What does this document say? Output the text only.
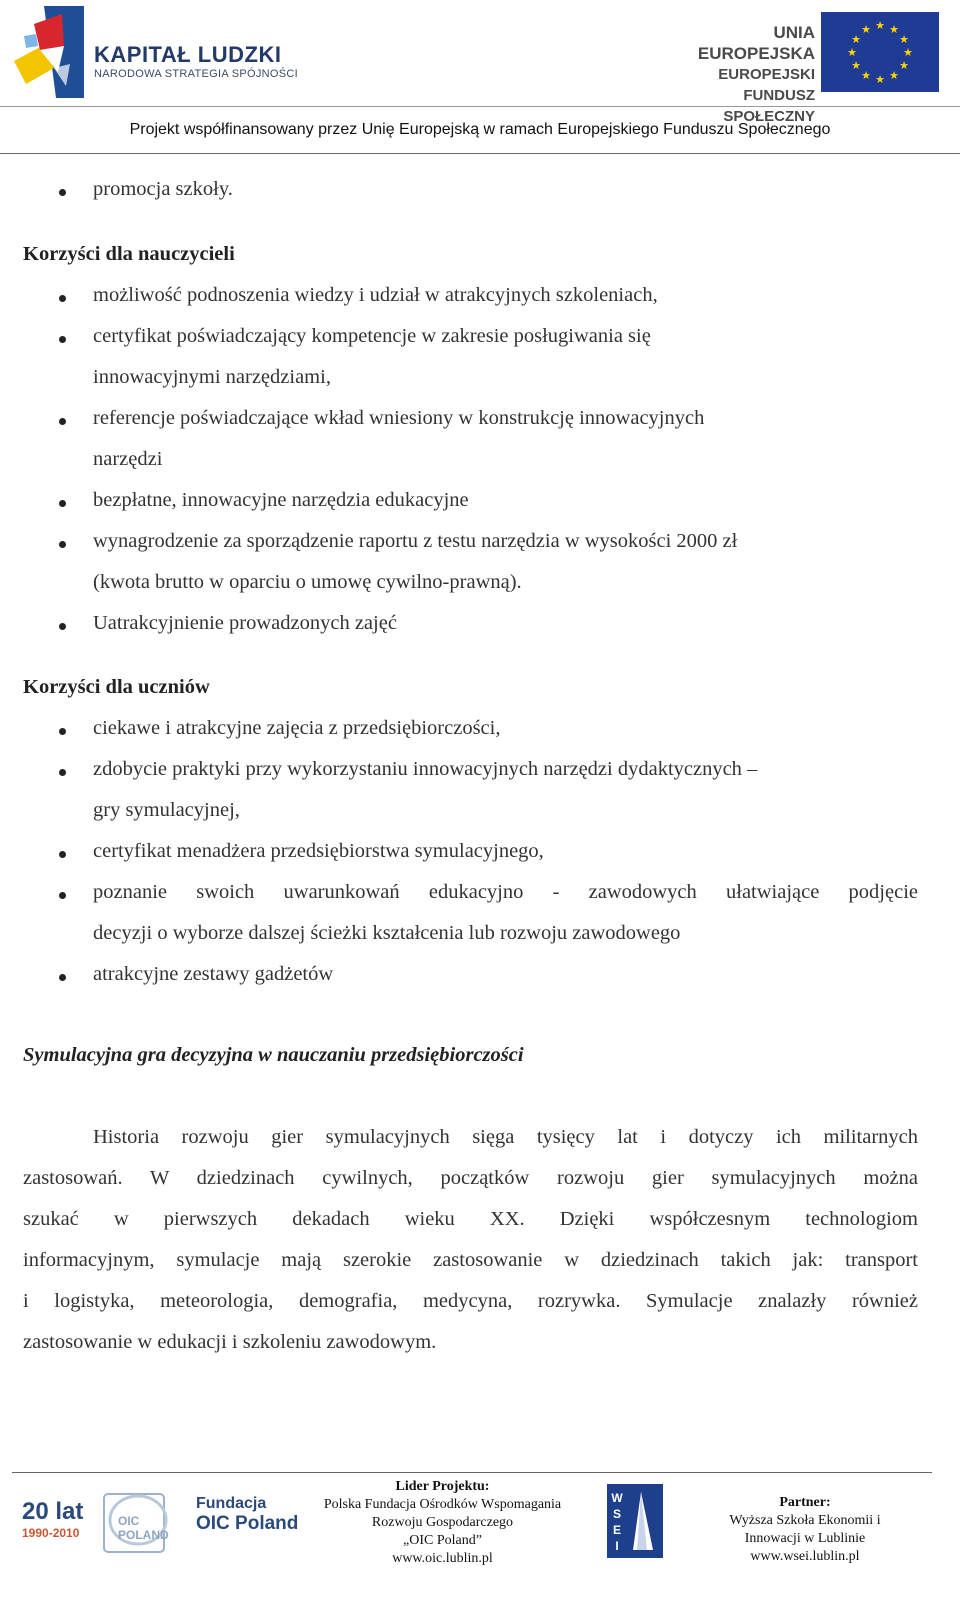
KAPITAŁ LUDZKI
NARODOWA STRATEGIA SPÓJNOŚCI
UNIA EUROPEJSKA
EUROPEJSKI
FUNDUSZ SPOŁECZNY
★ ★
★
★
★
★
★
★
★
★
★
★
Projekt współfinansowany przez Unię Europejską w ramach Europejskiego Funduszu Społecznego
promocja szkoły.
Korzyści dla nauczycieli
możliwość podnoszenia wiedzy i udział w atrakcyjnych szkoleniach,
certyfikat poświadczający kompetencje w zakresie posługiwania się
innowacyjnymi narzędziami,
referencje poświadczające wkład wniesiony w konstrukcję innowacyjnych
narzędzi
bezpłatne, innowacyjne narzędzia edukacyjne
wynagrodzenie za sporządzenie raportu z testu narzędzia w wysokości 2000 zł
(kwota brutto w oparciu o umowę cywilno-prawną).
Uatrakcyjnienie prowadzonych zajęć
Korzyści dla uczniów
ciekawe i atrakcyjne zajęcia z przedsiębiorczości,
zdobycie praktyki przy wykorzystaniu innowacyjnych narzędzi dydaktycznych –
gry symulacyjnej,
certyfikat menadżera przedsiębiorstwa symulacyjnego,
poznanie swoich uwarunkowań edukacyjno - zawodowych ułatwiające podjęcie
decyzji o wyborze dalszej ścieżki kształcenia lub rozwoju zawodowego
atrakcyjne zestawy gadżetów
Symulacyjna gra decyzyjna w nauczaniu przedsiębiorczości
Historia rozwoju gier symulacyjnych sięga tysięcy lat i dotyczy ich militarnych
zastosowań. W dziedzinach cywilnych, początków rozwoju gier symulacyjnych można
szukać w pierwszych dekadach wieku XX. Dzięki współczesnym technologiom
informacyjnym, symulacje mają szerokie zastosowanie w dziedzinach takich jak: transport
i logistyka, meteorologia, demografia, medycyna, rozrywka. Symulacje znalazły również
zastosowanie w edukacji i szkoleniu zawodowym.
20 lat
1990-2010
OIC POLAND
Fundacja
OIC Poland
Lider Projektu:
Polska Fundacja Ośrodków Wspomagania
Rozwoju Gospodarczego
„OIC Poland”
www.oic.lublin.pl
W
S
E
I
Partner:
Wyższa Szkoła Ekonomii i
Innowacji w Lublinie
www.wsei.lublin.pl
